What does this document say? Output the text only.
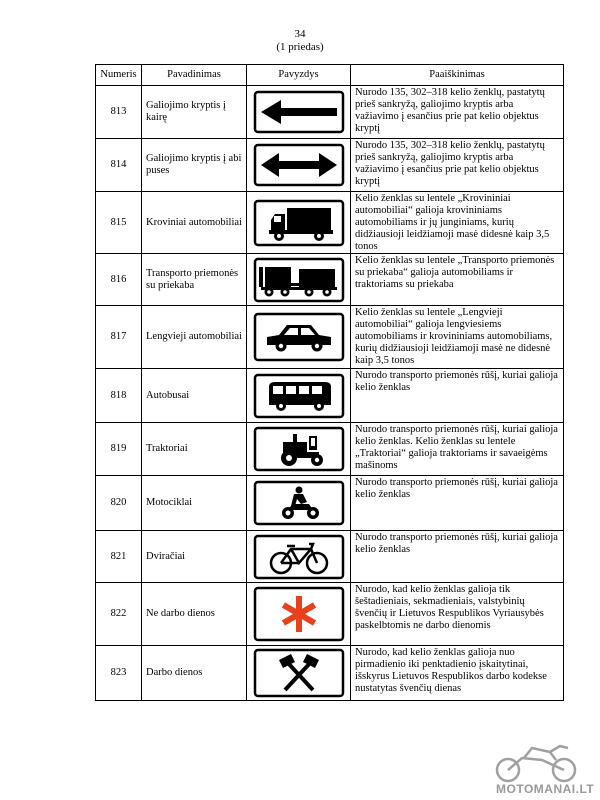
34
(1 priedas)
Numeris	Pavadinimas	Pavyzdys	Paaiškinimas
813	Galiojimo kryptis į kairę		Nurodo 135, 302–318 kelio ženklų, pastatytų prieš sankryžą, galiojimo kryptis arba važiavimo į esančius prie pat kelio objektus kryptį
814	Galiojimo kryptis į abi puses		Nurodo 135, 302–318 kelio ženklų, pastatytų prieš sankryžą, galiojimo kryptis arba važiavimo į esančius prie pat kelio objektus kryptį
815	Kroviniai automobiliai		Kelio ženklas su lentele „Krovininiai automobiliai“ galioja krovininiams automobiliams ir jų junginiams, kurių didžiausioji leidžiamoji masė didesnė kaip 3,5 tonos
816	Transporto priemonės su priekaba		Kelio ženklas su lentele „Transporto priemonės su priekaba“ galioja automobiliams ir traktoriams su priekaba
817	Lengvieji automobiliai		Kelio ženklas su lentele „Lengvieji automobiliai“ galioja lengviesiems automobiliams ir krovininiams automobiliams, kurių didžiausioji leidžiamoji masė ne didesnė kaip 3,5 tonos
818	Autobusai		Nurodo transporto priemonės rūšį, kuriai galioja kelio ženklas
819	Traktoriai		Nurodo transporto priemonės rūšį, kuriai galioja kelio ženklas. Kelio ženklas su lentele „Traktoriai“ galioja traktoriams ir savaeigėms mašinoms
820	Motociklai		Nurodo transporto priemonės rūšį, kuriai galioja kelio ženklas
821	Dviračiai		Nurodo transporto priemonės rūšį, kuriai galioja kelio ženklas
822	Ne darbo dienos		Nurodo, kad kelio ženklas galioja tik šeštadieniais, sekmadieniais, valstybinių švenčių ir Lietuvos Respublikos Vyriausybės paskelbtomis ne darbo dienomis
823	Darbo dienos		Nurodo, kad kelio ženklas galioja nuo pirmadienio iki penktadienio įskaitytinai, išskyrus Lietuvos Respublikos darbo kodekse nustatytas švenčių dienas
MOTOMANAI.LT
